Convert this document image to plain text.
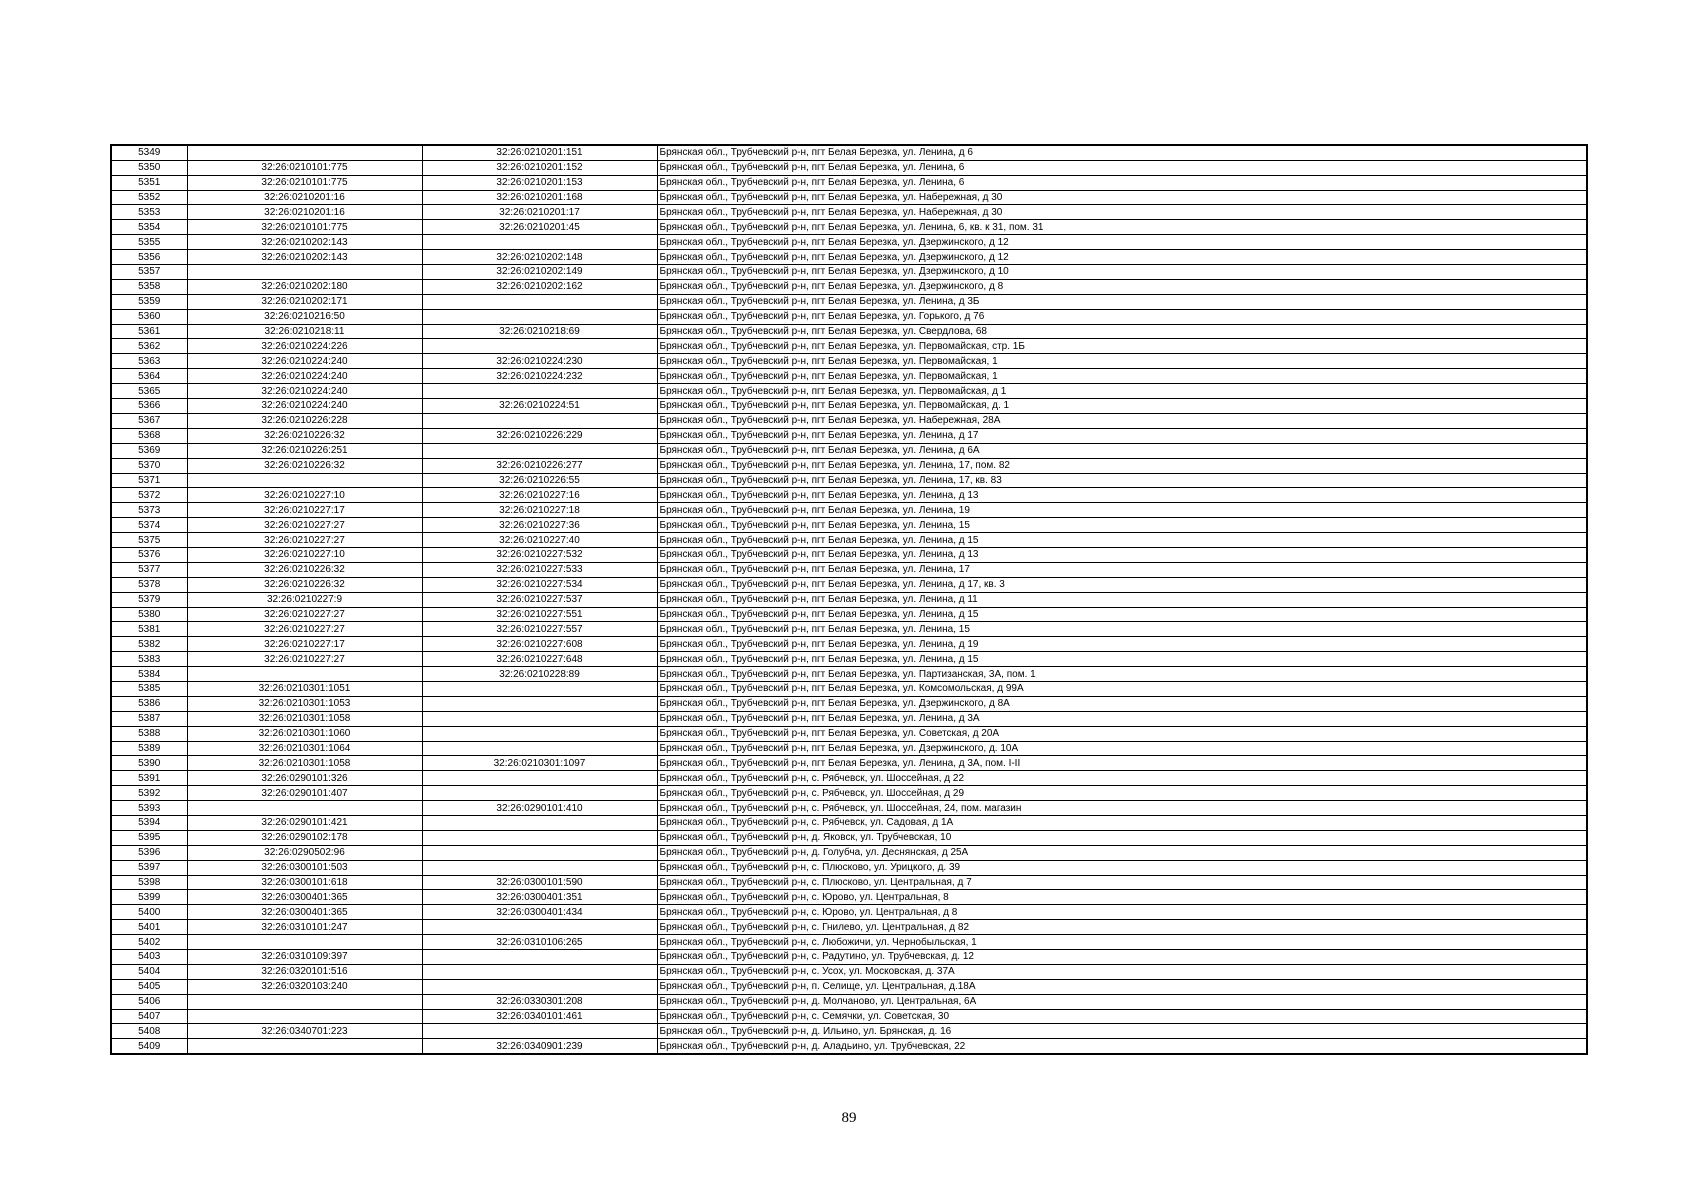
5349		32:26:0210201:151	Брянская обл., Трубчевский р-н, пгт Белая Березка, ул. Ленина, д 6
5350	32:26:0210101:775	32:26:0210201:152	Брянская обл., Трубчевский р-н, пгт Белая Березка, ул. Ленина, 6
5351	32:26:0210101:775	32:26:0210201:153	Брянская обл., Трубчевский р-н, пгт Белая Березка, ул. Ленина, 6
5352	32:26:0210201:16	32:26:0210201:168	Брянская обл., Трубчевский р-н, пгт Белая Березка, ул. Набережная, д 30
5353	32:26:0210201:16	32:26:0210201:17	Брянская обл., Трубчевский р-н, пгт Белая Березка, ул. Набережная, д 30
5354	32:26:0210101:775	32:26:0210201:45	Брянская обл., Трубчевский р-н, пгт Белая Березка, ул. Ленина, 6, кв. к 31, пом. 31
5355	32:26:0210202:143		Брянская обл., Трубчевский р-н, пгт Белая Березка, ул. Дзержинского, д 12
5356	32:26:0210202:143	32:26:0210202:148	Брянская обл., Трубчевский р-н, пгт Белая Березка, ул. Дзержинского, д 12
5357		32:26:0210202:149	Брянская обл., Трубчевский р-н, пгт Белая Березка, ул. Дзержинского, д 10
5358	32:26:0210202:180	32:26:0210202:162	Брянская обл., Трубчевский р-н, пгт Белая Березка, ул. Дзержинского, д 8
5359	32:26:0210202:171		Брянская обл., Трубчевский р-н, пгт Белая Березка, ул. Ленина, д 3Б
5360	32:26:0210216:50		Брянская обл., Трубчевский р-н, пгт Белая Березка, ул. Горького, д 76
5361	32:26:0210218:11	32:26:0210218:69	Брянская обл., Трубчевский р-н, пгт Белая Березка, ул. Свердлова, 68
5362	32:26:0210224:226		Брянская обл., Трубчевский р-н, пгт Белая Березка, ул. Первомайская, стр. 1Б
5363	32:26:0210224:240	32:26:0210224:230	Брянская обл., Трубчевский р-н, пгт Белая Березка, ул. Первомайская, 1
5364	32:26:0210224:240	32:26:0210224:232	Брянская обл., Трубчевский р-н, пгт Белая Березка, ул. Первомайская, 1
5365	32:26:0210224:240		Брянская обл., Трубчевский р-н, пгт Белая Березка, ул. Первомайская, д 1
5366	32:26:0210224:240	32:26:0210224:51	Брянская обл., Трубчевский р-н, пгт Белая Березка, ул. Первомайская, д. 1
5367	32:26:0210226:228		Брянская обл., Трубчевский р-н, пгт Белая Березка, ул. Набережная, 28А
5368	32:26:0210226:32	32:26:0210226:229	Брянская обл., Трубчевский р-н, пгт Белая Березка, ул. Ленина, д 17
5369	32:26:0210226:251		Брянская обл., Трубчевский р-н, пгт Белая Березка, ул. Ленина, д 6А
5370	32:26:0210226:32	32:26:0210226:277	Брянская обл., Трубчевский р-н, пгт Белая Березка, ул. Ленина, 17, пом. 82
5371		32:26:0210226:55	Брянская обл., Трубчевский р-н, пгт Белая Березка, ул. Ленина, 17, кв. 83
5372	32:26:0210227:10	32:26:0210227:16	Брянская обл., Трубчевский р-н, пгт Белая Березка, ул. Ленина, д 13
5373	32:26:0210227:17	32:26:0210227:18	Брянская обл., Трубчевский р-н, пгт Белая Березка, ул. Ленина, 19
5374	32:26:0210227:27	32:26:0210227:36	Брянская обл., Трубчевский р-н, пгт Белая Березка, ул. Ленина, 15
5375	32:26:0210227:27	32:26:0210227:40	Брянская обл., Трубчевский р-н, пгт Белая Березка, ул. Ленина, д 15
5376	32:26:0210227:10	32:26:0210227:532	Брянская обл., Трубчевский р-н, пгт Белая Березка, ул. Ленина, д 13
5377	32:26:0210226:32	32:26:0210227:533	Брянская обл., Трубчевский р-н, пгт Белая Березка, ул. Ленина, 17
5378	32:26:0210226:32	32:26:0210227:534	Брянская обл., Трубчевский р-н, пгт Белая Березка, ул. Ленина, д 17, кв. 3
5379	32:26:0210227:9	32:26:0210227:537	Брянская обл., Трубчевский р-н, пгт Белая Березка, ул. Ленина, д 11
5380	32:26:0210227:27	32:26:0210227:551	Брянская обл., Трубчевский р-н, пгт Белая Березка, ул. Ленина, д 15
5381	32:26:0210227:27	32:26:0210227:557	Брянская обл., Трубчевский р-н, пгт Белая Березка, ул. Ленина, 15
5382	32:26:0210227:17	32:26:0210227:608	Брянская обл., Трубчевский р-н, пгт Белая Березка, ул. Ленина, д 19
5383	32:26:0210227:27	32:26:0210227:648	Брянская обл., Трубчевский р-н, пгт Белая Березка, ул. Ленина, д 15
5384		32:26:0210228:89	Брянская обл., Трубчевский р-н, пгт Белая Березка, ул. Партизанская, 3А, пом. 1
5385	32:26:0210301:1051		Брянская обл., Трубчевский р-н, пгт Белая Березка, ул. Комсомольская, д 99А
5386	32:26:0210301:1053		Брянская обл., Трубчевский р-н, пгт Белая Березка, ул. Дзержинского, д 8А
5387	32:26:0210301:1058		Брянская обл., Трубчевский р-н, пгт Белая Березка, ул. Ленина, д 3А
5388	32:26:0210301:1060		Брянская обл., Трубчевский р-н, пгт Белая Березка, ул. Советская, д 20А
5389	32:26:0210301:1064		Брянская обл., Трубчевский р-н, пгт Белая Березка, ул. Дзержинского, д. 10А
5390	32:26:0210301:1058	32:26:0210301:1097	Брянская обл., Трубчевский р-н, пгт Белая Березка, ул. Ленина, д 3А, пом. I-II
5391	32:26:0290101:326		Брянская обл., Трубчевский р-н, с. Рябчевск, ул. Шоссейная, д 22
5392	32:26:0290101:407		Брянская обл., Трубчевский р-н, с. Рябчевск, ул. Шоссейная, д 29
5393		32:26:0290101:410	Брянская обл., Трубчевский р-н, с. Рябчевск, ул. Шоссейная, 24, пом. магазин
5394	32:26:0290101:421		Брянская обл., Трубчевский р-н, с. Рябчевск, ул. Садовая, д 1А
5395	32:26:0290102:178		Брянская обл., Трубчевский р-н, д. Яковск, ул. Трубчевская, 10
5396	32:26:0290502:96		Брянская обл., Трубчевский р-н, д. Голубча, ул. Деснянская, д 25А
5397	32:26:0300101:503		Брянская обл., Трубчевский р-н, с. Плюсково, ул. Урицкого, д. 39
5398	32:26:0300101:618	32:26:0300101:590	Брянская обл., Трубчевский р-н, с. Плюсково, ул. Центральная, д 7
5399	32:26:0300401:365	32:26:0300401:351	Брянская обл., Трубчевский р-н, с. Юрово, ул. Центральная, 8
5400	32:26:0300401:365	32:26:0300401:434	Брянская обл., Трубчевский р-н, с. Юрово, ул. Центральная, д 8
5401	32:26:0310101:247		Брянская обл., Трубчевский р-н, с. Гнилево, ул. Центральная, д 82
5402		32:26:0310106:265	Брянская обл., Трубчевский р-н, с. Любожичи, ул. Чернобыльская, 1
5403	32:26:0310109:397		Брянская обл., Трубчевский р-н, с. Радутино, ул. Трубчевская, д. 12
5404	32:26:0320101:516		Брянская обл., Трубчевский р-н, с. Усох, ул. Московская, д. 37А
5405	32:26:0320103:240		Брянская обл., Трубчевский р-н, п. Селище, ул. Центральная, д.18А
5406		32:26:0330301:208	Брянская обл., Трубчевский р-н, д. Молчаново, ул. Центральная, 6А
5407		32:26:0340101:461	Брянская обл., Трубчевский р-н, с. Семячки, ул. Советская, 30
5408	32:26:0340701:223		Брянская обл., Трубчевский р-н, д. Ильино, ул. Брянская, д. 16
5409		32:26:0340901:239	Брянская обл., Трубчевский р-н, д. Аладьино, ул. Трубчевская, 22
89
